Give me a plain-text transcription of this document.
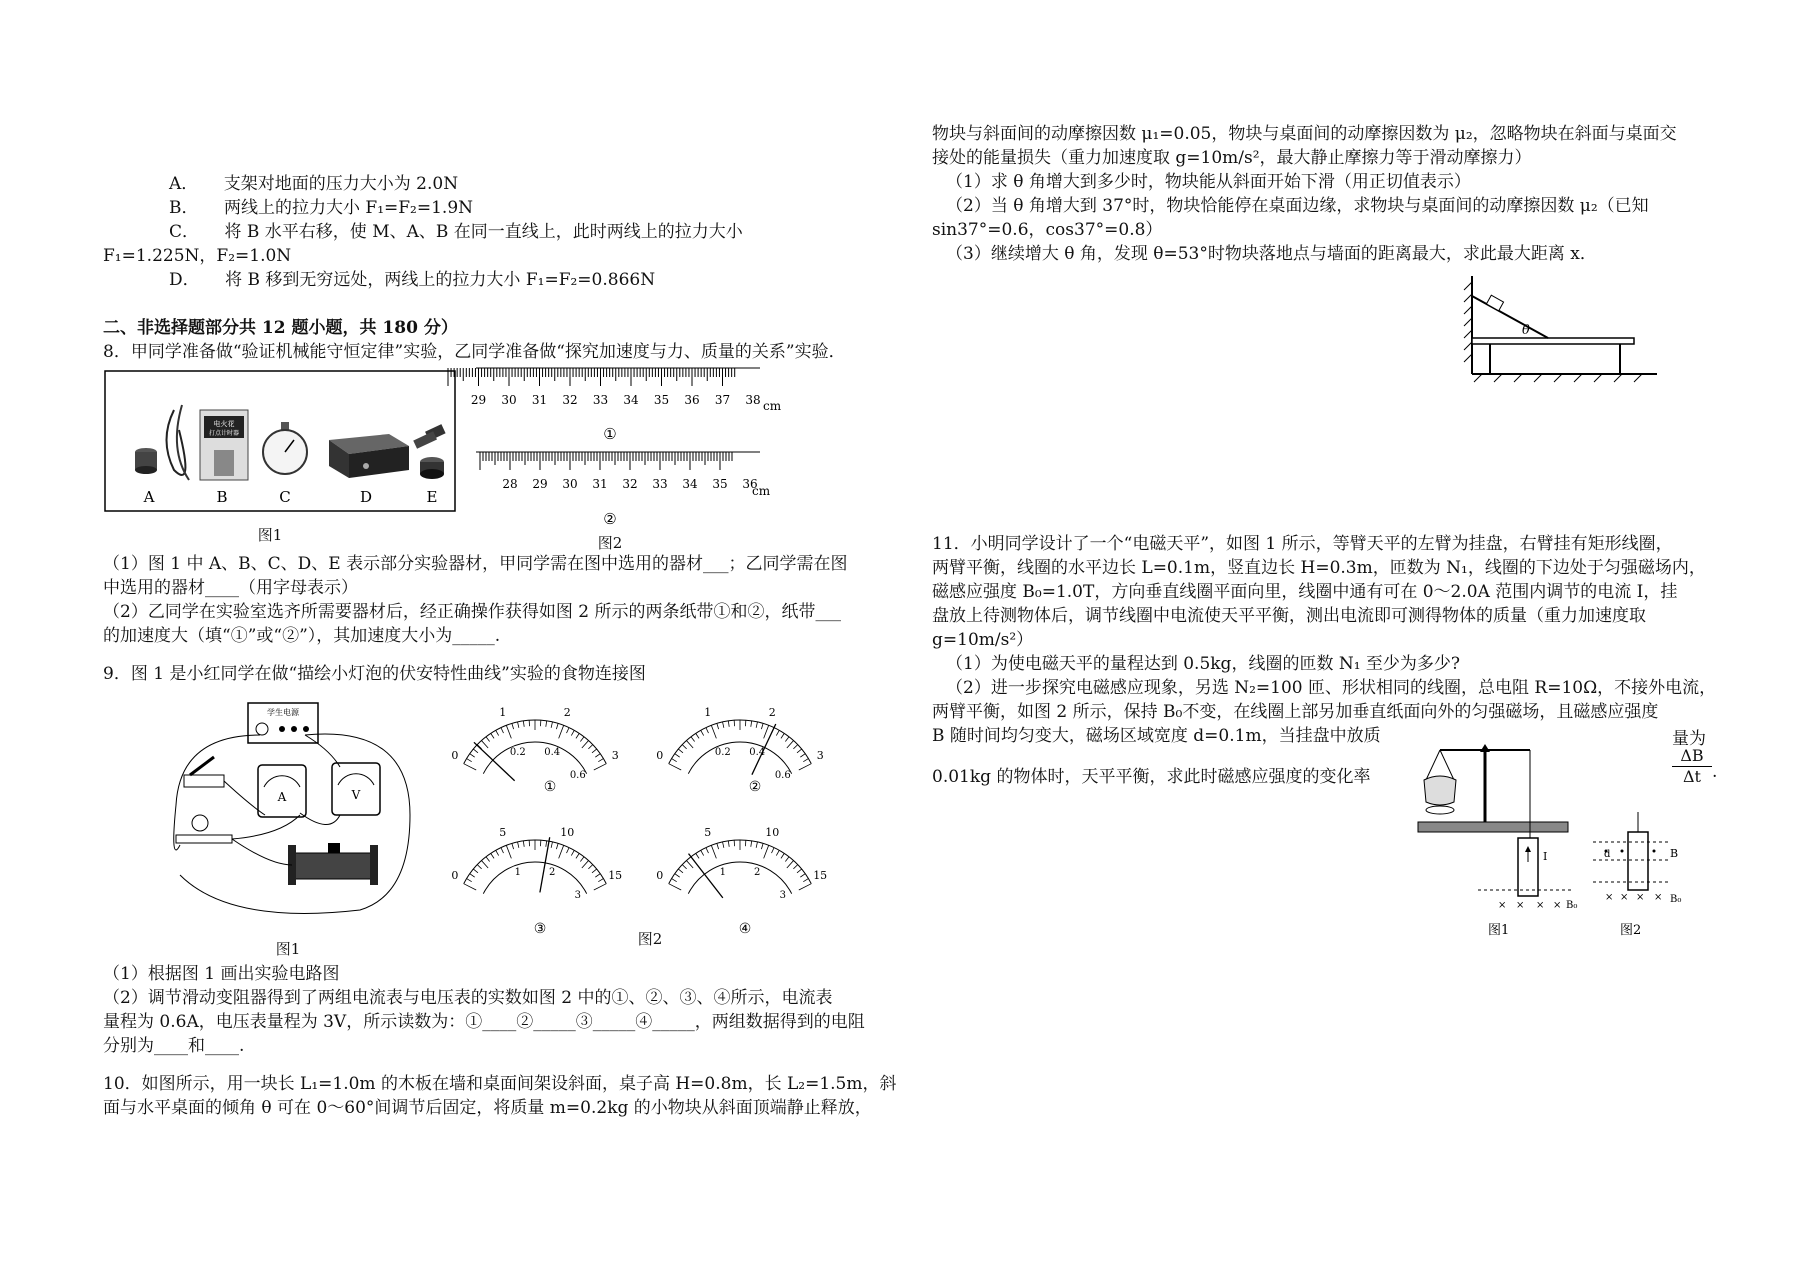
A．　　支架对地面的压力大小为 2.0N
B．　　两线上的拉力大小 F₁=F₂=1.9N
C．　　将 B 水平右移，使 M、A、B 在同一直线上，此时两线上的拉力大小
F₁=1.225N，F₂=1.0N
D．　　将 B 移到无穷远处，两线上的拉力大小 F₁=F₂=0.866N
二、非选择题部分共 12 题小题，共 180 分）
8．甲同学准备做“验证机械能守恒定律”实验，乙同学准备做“探究加速度与力、质量的关系”实验．
电火花
打点计时器
A	B	C	D	E
图1
29 30 31 32 33 34 35 36 37 38 cm
①
28 29 30 31 32 33 34 35 36
cm
②
图2
（1）图 1 中 A、B、C、D、E 表示部分实验器材，甲同学需在图中选用的器材___；乙同学需在图
中选用的器材____（用字母表示）
（2）乙同学在实验室选齐所需要器材后，经正确操作获得如图 2 所示的两条纸带①和②，纸带___
的加速度大（填“①”或“②”），其加速度大小为_____.
9．图 1 是小红同学在做“描绘小灯泡的伏安特性曲线”实验的食物连接图
学生电源
A	V
图1
0
1	2
3
0.2 0.4
0.6
①
0
1	2
3
0.2 0.4
0.6
②
0
5	10
15
1	2
3
③
0
5	10
15
1	2
3
④
图2
（1）根据图 1 画出实验电路图
（2）调节滑动变阻器得到了两组电流表与电压表的实数如图 2 中的①、②、③、④所示，电流表
量程为 0.6A，电压表量程为 3V，所示读数为：①____②_____③_____④_____，两组数据得到的电阻
分别为____和____.
10．如图所示，用一块长 L₁=1.0m 的木板在墙和桌面间架设斜面，桌子高 H=0.8m，长 L₂=1.5m，斜
面与水平桌面的倾角 θ 可在 0～60°间调节后固定，将质量 m=0.2kg 的小物块从斜面顶端静止释放，
物块与斜面间的动摩擦因数 μ₁=0.05，物块与桌面间的动摩擦因数为 μ₂，忽略物块在斜面与桌面交
接处的能量损失（重力加速度取 g=10m/s²，最大静止摩擦力等于滑动摩擦力）
（1）求 θ 角增大到多少时，物块能从斜面开始下滑（用正切值表示）
（2）当 θ 角增大到 37°时，物块恰能停在桌面边缘，求物块与桌面间的动摩擦因数 μ₂（已知
sin37°=0.6，cos37°=0.8）
（3）继续增大 θ 角，发现 θ=53°时物块落地点与墙面的距离最大，求此最大距离 x．
θ
11．小明同学设计了一个“电磁天平”，如图 1 所示，等臂天平的左臂为挂盘，右臂挂有矩形线圈，
两臂平衡，线圈的水平边长 L=0.1m，竖直边长 H=0.3m，匝数为 N₁，线圈的下边处于匀强磁场内，
磁感应强度 B₀=1.0T，方向垂直线圈平面向里，线圈中通有可在 0～2.0A 范围内调节的电流 I，挂
盘放上待测物体后，调节线圈中电流使天平平衡，测出电流即可测得物体的质量（重力加速度取
g=10m/s²）
（1）为使电磁天平的量程达到 0.5kg，线圈的匝数 N₁ 至少为多少?
（2）进一步探究电磁感应现象，另选 N₂=100 匝、形状相同的线圈，总电阻 R=10Ω，不接外电流，
两臂平衡，如图 2 所示，保持 B₀不变，在线圈上部另加垂直纸面向外的匀强磁场，且磁感应强度
B 随时间均匀变大，磁场区域宽度 d=0.1m，当挂盘中放质	量为
0.01kg 的物体时，天平平衡，求此时磁感应强度的变化率	$\frac{\Delta B}{\Delta t}$ .
I
× × × × B₀
d	B
× × × × B₀
图1	图2
